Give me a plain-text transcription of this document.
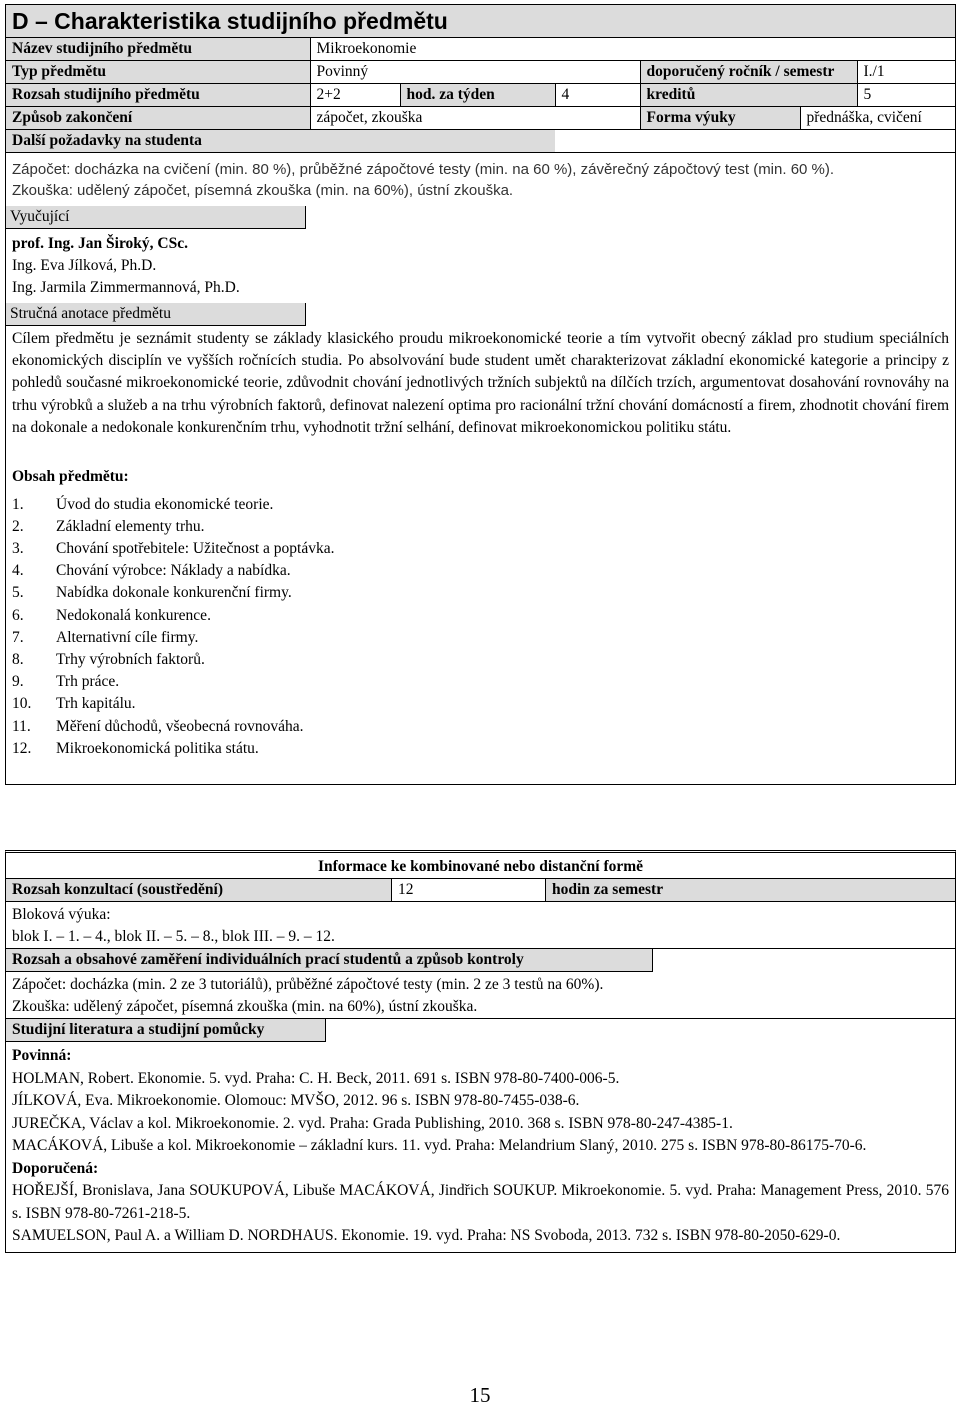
D – Charakteristika studijního předmětu
Název studijního předmětu	Mikroekonomie					
Typ předmětu	Povinný			doporučený ročník / semestr		I./1
Rozsah studijního předmětu	2+2	hod. za týden	4	kreditů		5
Způsob zakončení	zápočet, zkouška			Forma výuky	přednáška, cvičení	
Další požadavky na studenta						

Zápočet: docházka na cvičení (min. 80 %), průběžné zápočtové testy (min. na 60 %), závěrečný zápočtový test (min. 60 %).

Zkouška: udělený zápočet, písemná zkouška (min. na 60%), ústní zkouška.

Vyučující

prof. Ing. Jan Široký, CSc.

Ing. Eva Jílková, Ph.D.

Ing. Jarmila Zimmermannová, Ph.D.

Stručná anotace předmětu

Cílem předmětu je seznámit studenty se základy klasického proudu mikroekonomické teorie a tím vytvořit obecný základ pro studium speciálních ekonomických disciplín ve vyšších ročnících studia. Po absolvování bude student umět charakterizovat základní ekonomické kategorie a principy z pohledů současné mikroekonomické teorie, zdůvodnit chování jednotlivých tržních subjektů na dílčích trzích, argumentovat dosahování rovnováhy na trhu výrobků a služeb a na trhu výrobních faktorů, definovat nalezení optima pro racionální tržní chování domácností a firem, zhodnotit chování firem na dokonale a nedokonale konkurenčním trhu, vyhodnotit tržní selhání, definovat mikroekonomickou politiku státu.

Obsah předmětu:

1.	Úvod do studia ekonomické teorie.
2.	Základní elementy trhu.
3.	Chování spotřebitele: Užitečnost a poptávka.
4.	Chování výrobce: Náklady a nabídka.
5.	Nabídka dokonale konkurenční firmy.
6.	Nedokonalá konkurence.
7.	Alternativní cíle firmy.
8.	Trhy výrobních faktorů.
9.	Trh práce.
10.	Trh kapitálu.
11.	Měření důchodů, všeobecná rovnováha.
12.	Mikroekonomická politika státu.
Informace ke kombinované nebo distanční formě
Rozsah konzultací (soustředění)	12	hodin za semestr

Bloková výuka:

blok I. – 1. – 4., blok II. – 5. – 8., blok III. – 9. – 12.

Rozsah a obsahové zaměření individuálních prací studentů a způsob kontroly

Zápočet: docházka (min. 2 ze 3 tutoriálů), průběžné zápočtové testy (min. 2 ze 3 testů na 60%).

Zkouška: udělený zápočet, písemná zkouška (min. na 60%), ústní zkouška.

Studijní literatura a studijní pomůcky

Povinná:

HOLMAN, Robert. Ekonomie. 5. vyd. Praha: C. H. Beck, 2011. 691 s. ISBN 978-80-7400-006-5.

JÍLKOVÁ, Eva. Mikroekonomie. Olomouc: MVŠO, 2012. 96 s. ISBN 978-80-7455-038-6.

JUREČKA, Václav a kol. Mikroekonomie. 2. vyd. Praha: Grada Publishing, 2010. 368 s. ISBN 978-80-247-4385-1.

MACÁKOVÁ, Libuše a kol. Mikroekonomie – základní kurs. 11. vyd. Praha: Melandrium Slaný, 2010. 275 s. ISBN 978-80-86175-70-6.

Doporučená:

HOŘEJŠÍ, Bronislava, Jana SOUKUPOVÁ, Libuše MACÁKOVÁ, Jindřich SOUKUP. Mikroekonomie. 5. vyd. Praha: Management Press, 2010. 576 s. ISBN 978-80-7261-218-5.

SAMUELSON, Paul A. a William D. NORDHAUS. Ekonomie. 19. vyd. Praha: NS Svoboda, 2013. 732 s. ISBN 978-80-2050-629-0.

15
